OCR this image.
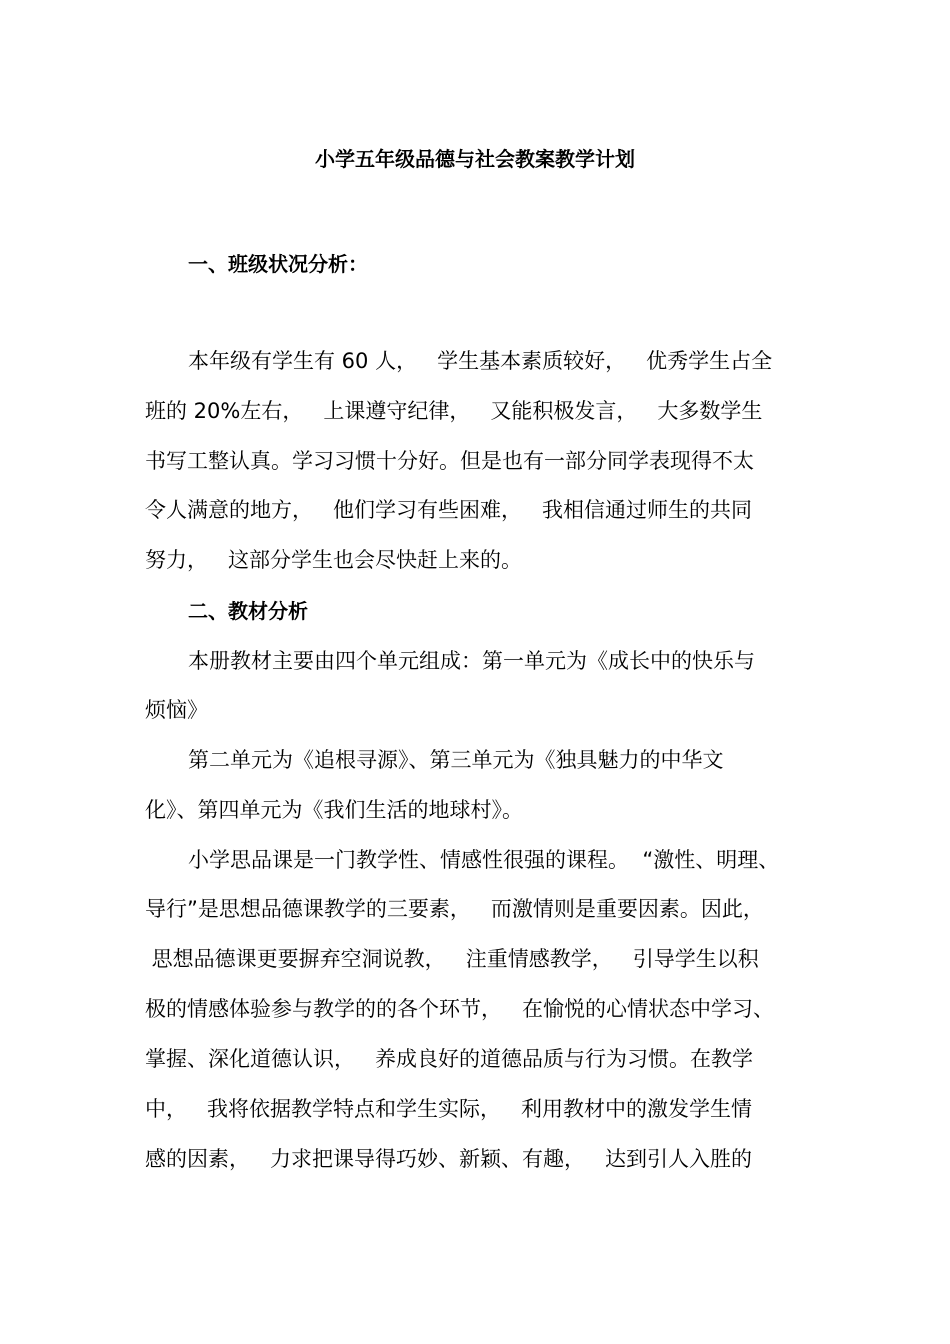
小学五年级品德与社会教案教学计划
一、班级状况分析：
本年级有学生有 60 人，   学生基本素质较好，   优秀学生占全
班的 20%左右，   上课遵守纪律，   又能积极发言，   大多数学生
书写工整认真。学习习惯十分好。但是也有一部分同学表现得不太
令人满意的地方，   他们学习有些困难，   我相信通过师生的共同
努力，   这部分学生也会尽快赶上来的。
二、教材分析
本册教材主要由四个单元组成：第一单元为《成长中的快乐与
烦恼》
第二单元为《追根寻源》、第三单元为《独具魅力的中华文
化》、第四单元为《我们生活的地球村》。
小学思品课是一门教学性、情感性很强的课程。  “激性、明理、
导行”是思想品德课教学的三要素，   而激情则是重要因素。因此，
思想品德课更要摒弃空洞说教，   注重情感教学，   引导学生以积
极的情感体验参与教学的的各个环节，   在愉悦的心情状态中学习、
掌握、深化道德认识，   养成良好的道德品质与行为习惯。在教学
中，   我将依据教学特点和学生实际，   利用教材中的激发学生情
感的因素，   力求把课导得巧妙、新颖、有趣，   达到引人入胜的
